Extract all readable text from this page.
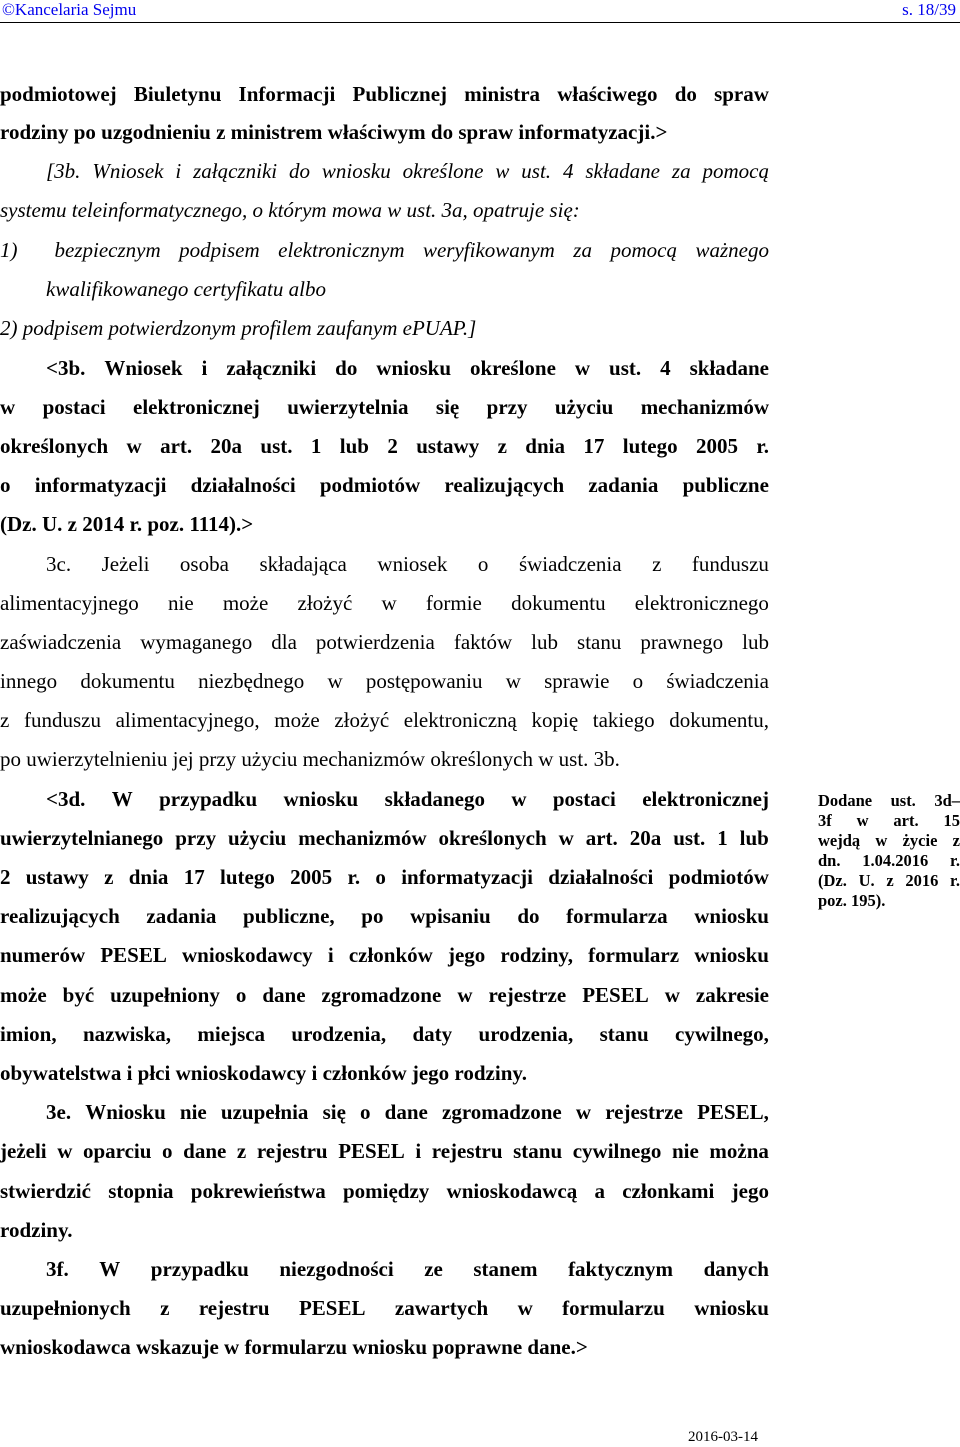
©Kancelaria Sejmu	s. 18/39
podmiotowej Biuletynu Informacji Publicznej ministra właściwego do spraw
rodziny po uzgodnieniu z ministrem właściwym do spraw informatyzacji.>
[3b. Wniosek i załączniki do wniosku określone w ust. 4 składane za pomocą
systemu teleinformatycznego, o którym mowa w ust. 3a, opatruje się:
1) bezpiecznym podpisem elektronicznym weryfikowanym za pomocą ważnego
kwalifikowanego certyfikatu albo
2) podpisem potwierdzonym profilem zaufanym ePUAP.]
<3b. Wniosek i załączniki do wniosku określone w ust. 4 składane
w postaci elektronicznej uwierzytelnia się przy użyciu mechanizmów
określonych w art. 20a ust. 1 lub 2 ustawy z dnia 17 lutego 2005 r.
o informatyzacji działalności podmiotów realizujących zadania publiczne
(Dz. U. z 2014 r. poz. 1114).>
3c. Jeżeli osoba składająca wniosek o świadczenia z funduszu
alimentacyjnego nie może złożyć w formie dokumentu elektronicznego
zaświadczenia wymaganego dla potwierdzenia faktów lub stanu prawnego lub
innego dokumentu niezbędnego w postępowaniu w sprawie o świadczenia
z funduszu alimentacyjnego, może złożyć elektroniczną kopię takiego dokumentu,
po uwierzytelnieniu jej przy użyciu mechanizmów określonych w ust. 3b.
<3d. W przypadku wniosku składanego w postaci elektronicznej
uwierzytelnianego przy użyciu mechanizmów określonych w art. 20a ust. 1 lub
2 ustawy z dnia 17 lutego 2005 r. o informatyzacji działalności podmiotów
realizujących zadania publiczne, po wpisaniu do formularza wniosku
numerów PESEL wnioskodawcy i członków jego rodziny, formularz wniosku
może być uzupełniony o dane zgromadzone w rejestrze PESEL w zakresie
imion, nazwiska, miejsca urodzenia, daty urodzenia, stanu cywilnego,
obywatelstwa i płci wnioskodawcy i członków jego rodziny.
3e. Wniosku nie uzupełnia się o dane zgromadzone w rejestrze PESEL,
jeżeli w oparciu o dane z rejestru PESEL i rejestru stanu cywilnego nie można
stwierdzić stopnia pokrewieństwa pomiędzy wnioskodawcą a członkami jego
rodziny.
3f. W przypadku niezgodności ze stanem faktycznym danych
uzupełnionych z rejestru PESEL zawartych w formularzu wniosku
wnioskodawca wskazuje w formularzu wniosku poprawne dane.>
Dodane ust. 3d–
3f w art. 15
wejdą w życie z
dn. 1.04.2016 r.
(Dz. U. z 2016 r.
poz. 195).
2016-03-14
